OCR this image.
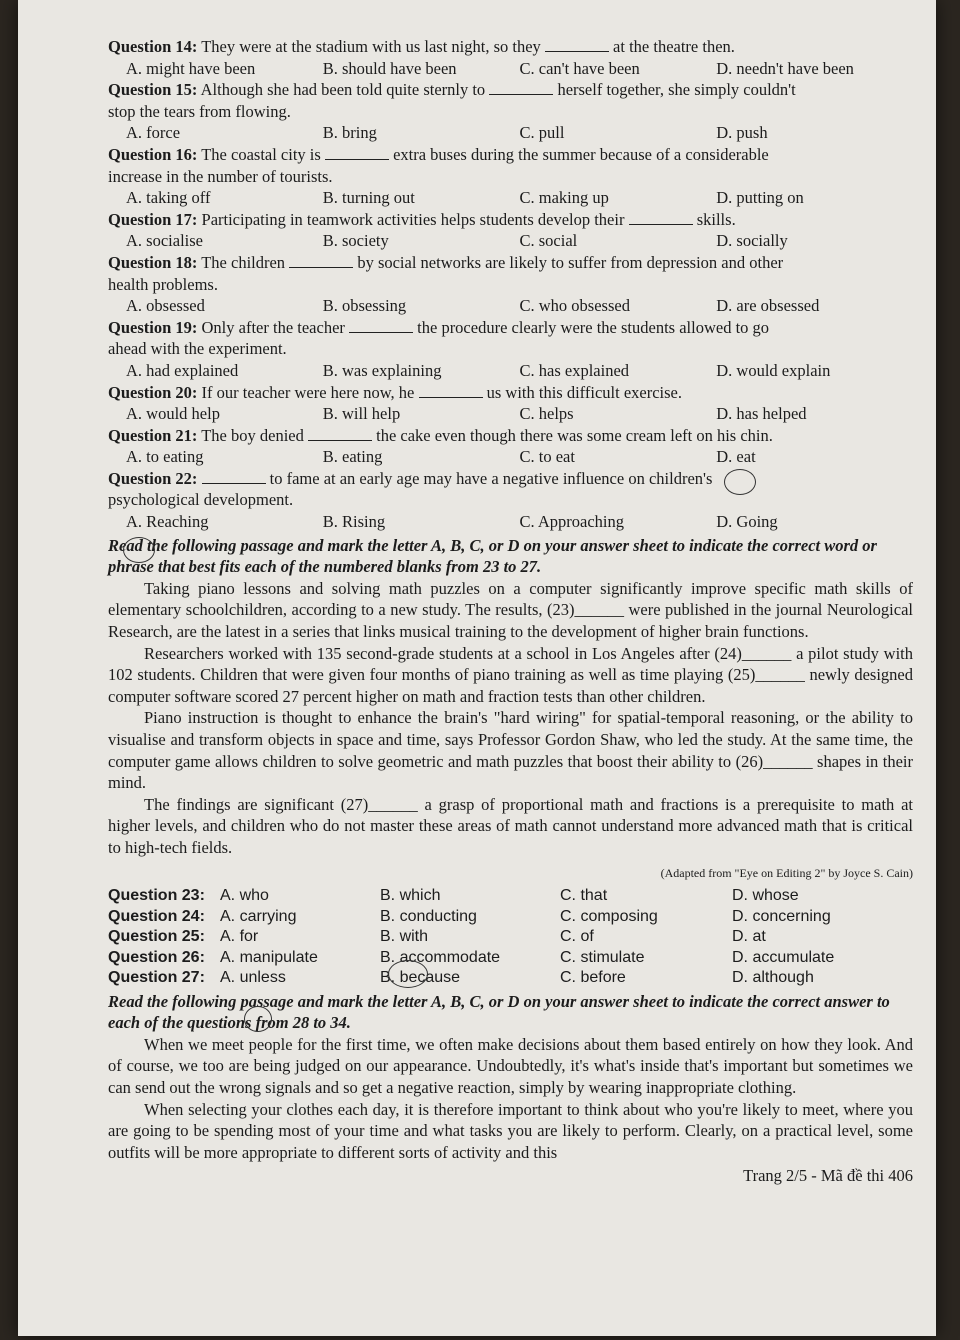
Question 14: They were at the stadium with us last night, so they	at the theatre then.
A. might have been	B. should have been	C. can't have been	D. needn't have been
Question 15: Although she had been told quite sternly to	herself together, she simply couldn't
stop the tears from flowing.
A. force	B. bring	C. pull	D. push
Question 16: The coastal city is	extra buses during the summer because of a considerable
increase in the number of tourists.
A. taking off	B. turning out	C. making up	D. putting on
Question 17: Participating in teamwork activities helps students develop their	skills.
A. socialise	B. society	C. social	D. socially
Question 18: The children	by social networks are likely to suffer from depression and other
health problems.
A. obsessed	B. obsessing	C. who obsessed	D. are obsessed
Question 19: Only after the teacher	the procedure clearly were the students allowed to go
ahead with the experiment.
A. had explained	B. was explaining	C. has explained	D. would explain
Question 20: If our teacher were here now, he	us with this difficult exercise.
A. would help	B. will help	C. helps	D. has helped
Question 21: The boy denied	the cake even though there was some cream left on his chin.
A. to eating	B. eating	C. to eat	D. eat
Question 22:	to fame at an early age may have a negative influence on children's
psychological development.
A. Reaching	B. Rising	C. Approaching	D. Going
Read the following passage and mark the letter A, B, C, or D on your answer sheet to indicate the correct word or phrase that best fits each of the numbered blanks from 23 to 27.

Taking piano lessons and solving math puzzles on a computer significantly improve specific math skills of elementary schoolchildren, according to a new study. The results, (23)______ were published in the journal Neurological Research, are the latest in a series that links musical training to the development of higher brain functions.

Researchers worked with 135 second-grade students at a school in Los Angeles after (24)______ a pilot study with 102 students. Children that were given four months of piano training as well as time playing (25)______ newly designed computer software scored 27 percent higher on math and fraction tests than other children.

Piano instruction is thought to enhance the brain's "hard wiring" for spatial-temporal reasoning, or the ability to visualise and transform objects in space and time, says Professor Gordon Shaw, who led the study. At the same time, the computer game allows children to solve geometric and math puzzles that boost their ability to (26)______ shapes in their mind.

The findings are significant (27)______ a grasp of proportional math and fractions is a prerequisite to math at higher levels, and children who do not master these areas of math cannot understand more advanced math that is critical to high-tech fields.

(Adapted from "Eye on Editing 2" by Joyce S. Cain)
Question 23: A. who	B. which	C. that	D. whose
Question 24: A. carrying	B. conducting	C. composing	D. concerning
Question 25: A. for	B. with	C. of	D. at
Question 26: A. manipulate	B. accommodate	C. stimulate	D. accumulate
Question 27: A. unless	B. because	C. before	D. although
Read the following passage and mark the letter A, B, C, or D on your answer sheet to indicate the correct answer to each of the questions from 28 to 34.

When we meet people for the first time, we often make decisions about them based entirely on how they look. And of course, we too are being judged on our appearance. Undoubtedly, it's what's inside that's important but sometimes we can send out the wrong signals and so get a negative reaction, simply by wearing inappropriate clothing.

When selecting your clothes each day, it is therefore important to think about who you're likely to meet, where you are going to be spending most of your time and what tasks you are likely to perform. Clearly, on a practical level, some outfits will be more appropriate to different sorts of activity and this

Trang 2/5 - Mã đề thi 406
